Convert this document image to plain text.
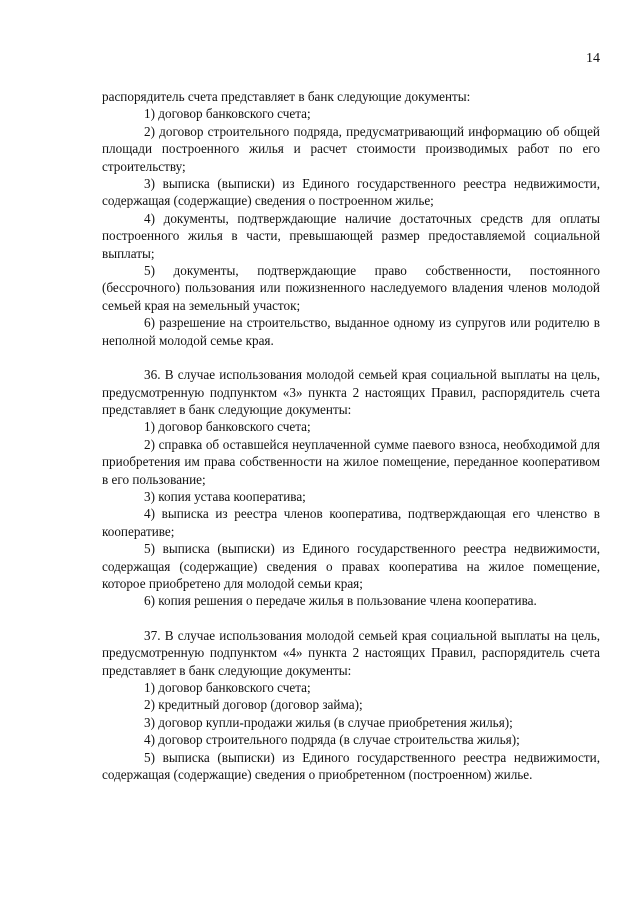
14

распорядитель счета представляет в банк следующие документы:

1) договор банковского счета;

2) договор строительного подряда, предусматривающий информацию об общей площади построенного жилья и расчет стоимости производимых работ по его строительству;

3) выписка (выписки) из Единого государственного реестра недвижимости, содержащая (содержащие) сведения о построенном жилье;

4) документы, подтверждающие наличие достаточных средств для оплаты построенного жилья в части, превышающей размер предоставляемой социальной выплаты;

5) документы, подтверждающие право собственности, постоянного (бессрочного) пользования или пожизненного наследуемого владения членов молодой семьей края на земельный участок;

6) разрешение на строительство, выданное одному из супругов или родителю в неполной молодой семье края.

36. В случае использования молодой семьей края социальной выплаты на цель, предусмотренную подпунктом «3» пункта 2 настоящих Правил, распорядитель счета представляет в банк следующие документы:

1) договор банковского счета;

2) справка об оставшейся неуплаченной сумме паевого взноса, необходимой для приобретения им права собственности на жилое помещение, переданное кооперативом в его пользование;

3) копия устава кооператива;

4) выписка из реестра членов кооператива, подтверждающая его членство в кооперативе;

5) выписка (выписки) из Единого государственного реестра недвижимости, содержащая (содержащие) сведения о правах кооператива на жилое помещение, которое приобретено для молодой семьи края;

6) копия решения о передаче жилья в пользование члена кооператива.

37. В случае использования молодой семьей края социальной выплаты на цель, предусмотренную подпунктом «4» пункта 2 настоящих Правил, распорядитель счета представляет в банк следующие документы:

1) договор банковского счета;

2) кредитный договор (договор займа);

3) договор купли-продажи жилья (в случае приобретения жилья);

4) договор строительного подряда (в случае строительства жилья);

5) выписка (выписки) из Единого государственного реестра недвижимости, содержащая (содержащие) сведения о приобретенном (построенном) жилье.
